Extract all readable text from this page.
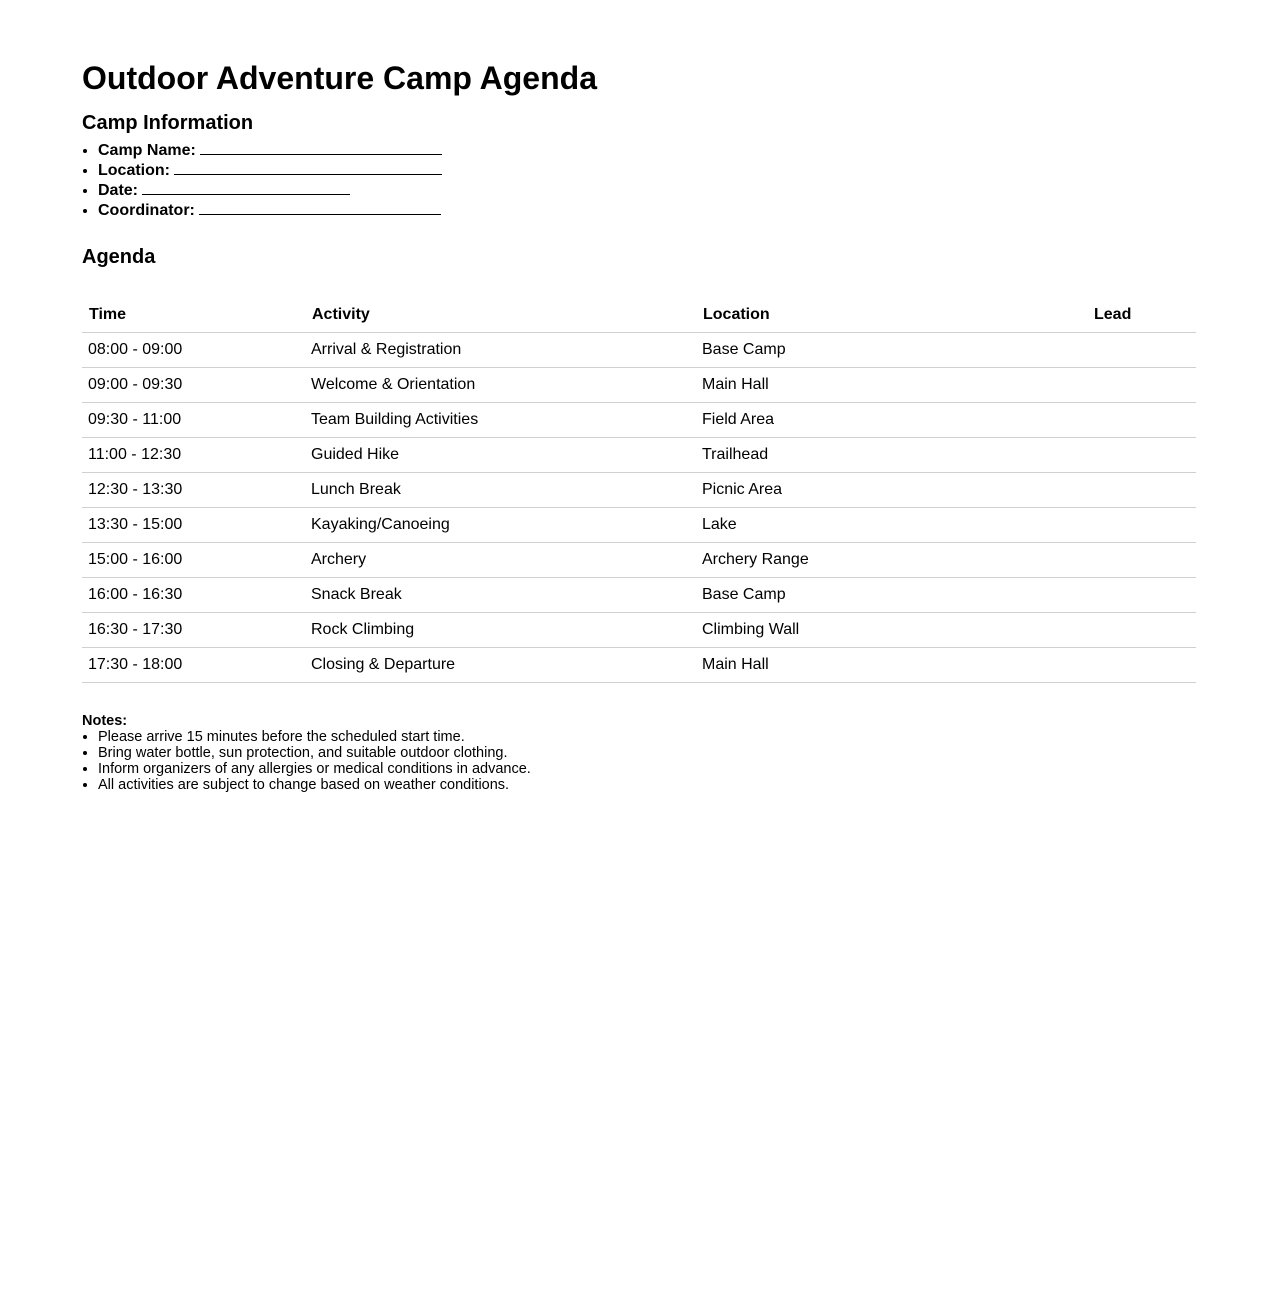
Outdoor Adventure Camp Agenda
Camp Information
• Camp Name:
• Location:
• Date:
• Coordinator:
Agenda
Time	Activity	Location	Lead
08:00 - 09:00	Arrival & Registration	Base Camp	
09:00 - 09:30	Welcome & Orientation	Main Hall	
09:30 - 11:00	Team Building Activities	Field Area	
11:00 - 12:30	Guided Hike	Trailhead	
12:30 - 13:30	Lunch Break	Picnic Area	
13:30 - 15:00	Kayaking/Canoeing	Lake	
15:00 - 16:00	Archery	Archery Range	
16:00 - 16:30	Snack Break	Base Camp	
16:30 - 17:30	Rock Climbing	Climbing Wall	
17:30 - 18:00	Closing & Departure	Main Hall	
Notes:
• Please arrive 15 minutes before the scheduled start time.
• Bring water bottle, sun protection, and suitable outdoor clothing.
• Inform organizers of any allergies or medical conditions in advance.
• All activities are subject to change based on weather conditions.
